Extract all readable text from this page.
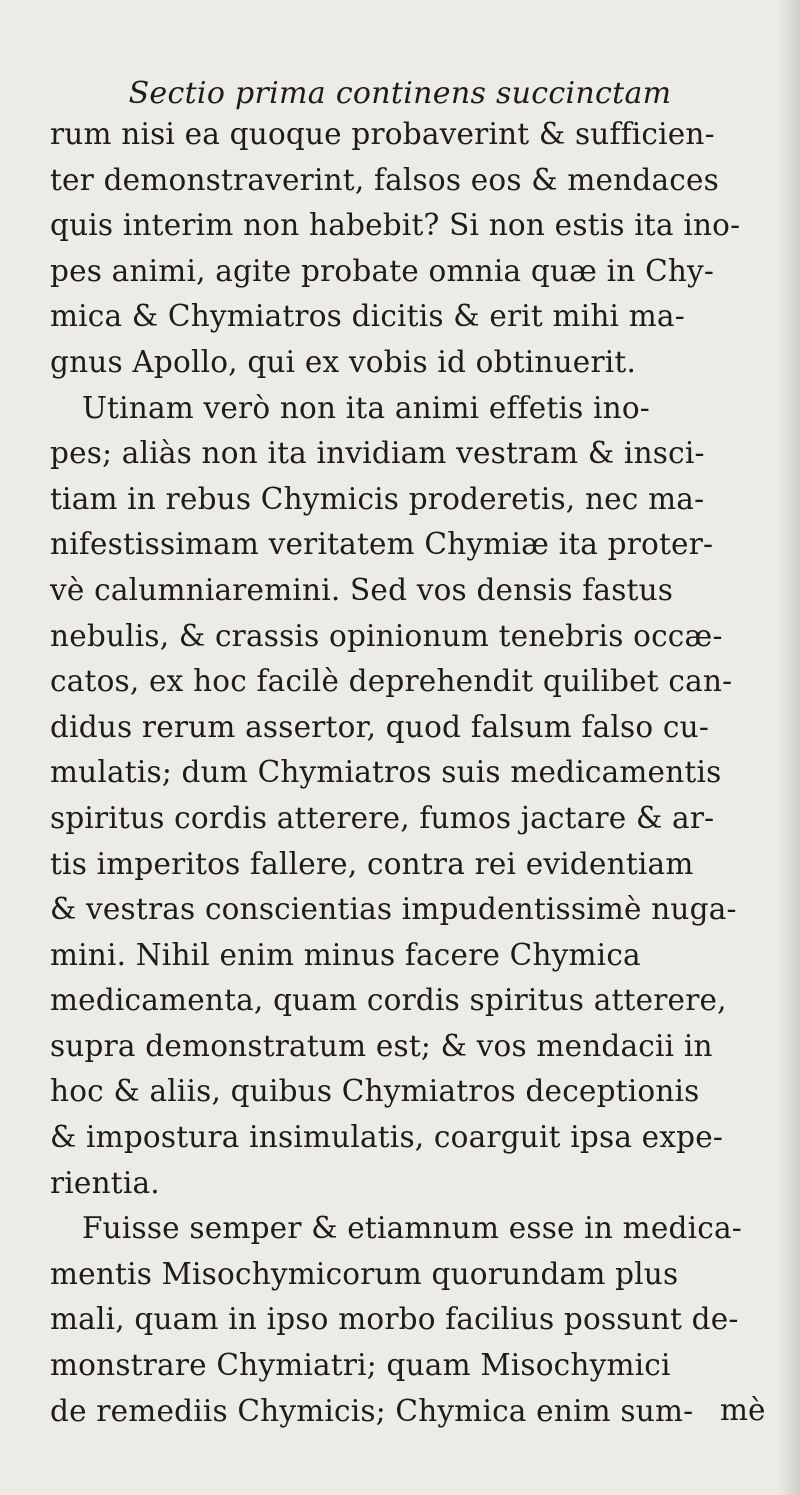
Sectio prima continens succinctam
rum nisi ea quoque probaverint & sufficien-
ter demonstraverint, falsos eos & mendaces
quis interim non habebit? Si non estis ita ino-
pes animi, agite probate omnia quæ in Chy-
mica & Chymiatros dicitis & erit mihi ma-
gnus Apollo, qui ex vobis id obtinuerit.
Utinam verò non ita animi effetis ino-
pes; aliàs non ita invidiam vestram & insci-
tiam in rebus Chymicis proderetis, nec ma-
nifestissimam veritatem Chymiæ ita proter-
vè calumniaremini. Sed vos densis fastus
nebulis, & crassis opinionum tenebris occæ-
catos, ex hoc facilè deprehendit quilibet can-
didus rerum assertor, quod falsum falso cu-
mulatis; dum Chymiatros suis medicamentis
spiritus cordis atterere, fumos jactare & ar-
tis imperitos fallere, contra rei evidentiam
& vestras conscientias impudentissimè nuga-
mini. Nihil enim minus facere Chymica
medicamenta, quam cordis spiritus atterere,
supra demonstratum est; & vos mendacii in
hoc & aliis, quibus Chymiatros deceptionis
& impostura insimulatis, coarguit ipsa expe-
rientia.
Fuisse semper & etiamnum esse in medica-
mentis Misochymicorum quorundam plus
mali, quam in ipso morbo facilius possunt de-
monstrare Chymiatri; quam Misochymici
de remediis Chymicis; Chymica enim sum- mè
